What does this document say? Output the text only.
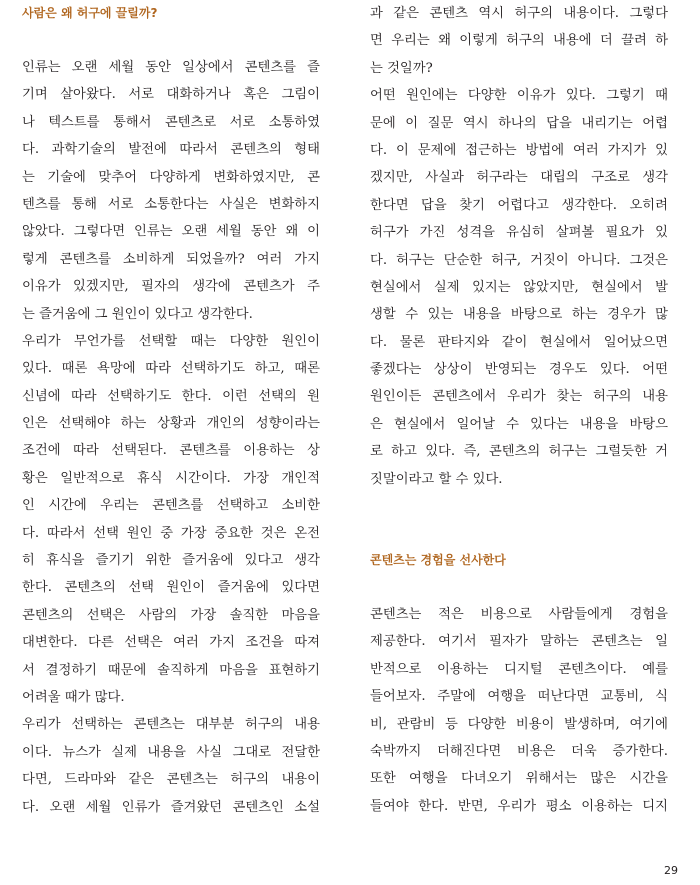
사람은 왜 허구에 끌릴까?
인류는 오랜 세월 동안 일상에서 콘텐츠를 즐
기며 살아왔다. 서로 대화하거나 혹은 그림이
나 텍스트를 통해서 콘텐츠로 서로 소통하였
다. 과학기술의 발전에 따라서 콘텐츠의 형태
는 기술에 맞추어 다양하게 변화하였지만, 콘
텐츠를 통해 서로 소통한다는 사실은 변화하지
않았다. 그렇다면 인류는 오랜 세월 동안 왜 이
렇게 콘텐츠를 소비하게 되었을까? 여러 가지
이유가 있겠지만, 필자의 생각에 콘텐츠가 주
는 즐거움에 그 원인이 있다고 생각한다.
우리가 무언가를 선택할 때는 다양한 원인이
있다. 때론 욕망에 따라 선택하기도 하고, 때론
신념에 따라 선택하기도 한다. 이런 선택의 원
인은 선택해야 하는 상황과 개인의 성향이라는
조건에 따라 선택된다. 콘텐츠를 이용하는 상
황은 일반적으로 휴식 시간이다. 가장 개인적
인 시간에 우리는 콘텐츠를 선택하고 소비한
다. 따라서 선택 원인 중 가장 중요한 것은 온전
히 휴식을 즐기기 위한 즐거움에 있다고 생각
한다. 콘텐츠의 선택 원인이 즐거움에 있다면
콘텐츠의 선택은 사람의 가장 솔직한 마음을
대변한다. 다른 선택은 여러 가지 조건을 따져
서 결정하기 때문에 솔직하게 마음을 표현하기
어려울 때가 많다.
우리가 선택하는 콘텐츠는 대부분 허구의 내용
이다. 뉴스가 실제 내용을 사실 그대로 전달한
다면, 드라마와 같은 콘텐츠는 허구의 내용이
다. 오랜 세월 인류가 즐겨왔던 콘텐츠인 소설
과 같은 콘텐츠 역시 허구의 내용이다. 그렇다
면 우리는 왜 이렇게 허구의 내용에 더 끌려 하
는 것일까?
어떤 원인에는 다양한 이유가 있다. 그렇기 때
문에 이 질문 역시 하나의 답을 내리기는 어렵
다. 이 문제에 접근하는 방법에 여러 가지가 있
겠지만, 사실과 허구라는 대립의 구조로 생각
한다면 답을 찾기 어렵다고 생각한다. 오히려
허구가 가진 성격을 유심히 살펴볼 필요가 있
다. 허구는 단순한 허구, 거짓이 아니다. 그것은
현실에서 실제 있지는 않았지만, 현실에서 발
생할 수 있는 내용을 바탕으로 하는 경우가 많
다. 물론 판타지와 같이 현실에서 일어났으면
좋겠다는 상상이 반영되는 경우도 있다. 어떤
원인이든 콘텐츠에서 우리가 찾는 허구의 내용
은 현실에서 일어날 수 있다는 내용을 바탕으
로 하고 있다. 즉, 콘텐츠의 허구는 그럴듯한 거
짓말이라고 할 수 있다.
콘텐츠는 경험을 선사한다
콘텐츠는 적은 비용으로 사람들에게 경험을
제공한다. 여기서 필자가 말하는 콘텐츠는 일
반적으로 이용하는 디지털 콘텐츠이다. 예를
들어보자. 주말에 여행을 떠난다면 교통비, 식
비, 관람비 등 다양한 비용이 발생하며, 여기에
숙박까지 더해진다면 비용은 더욱 증가한다.
또한 여행을 다녀오기 위해서는 많은 시간을
들여야 한다. 반면, 우리가 평소 이용하는 디지
29
